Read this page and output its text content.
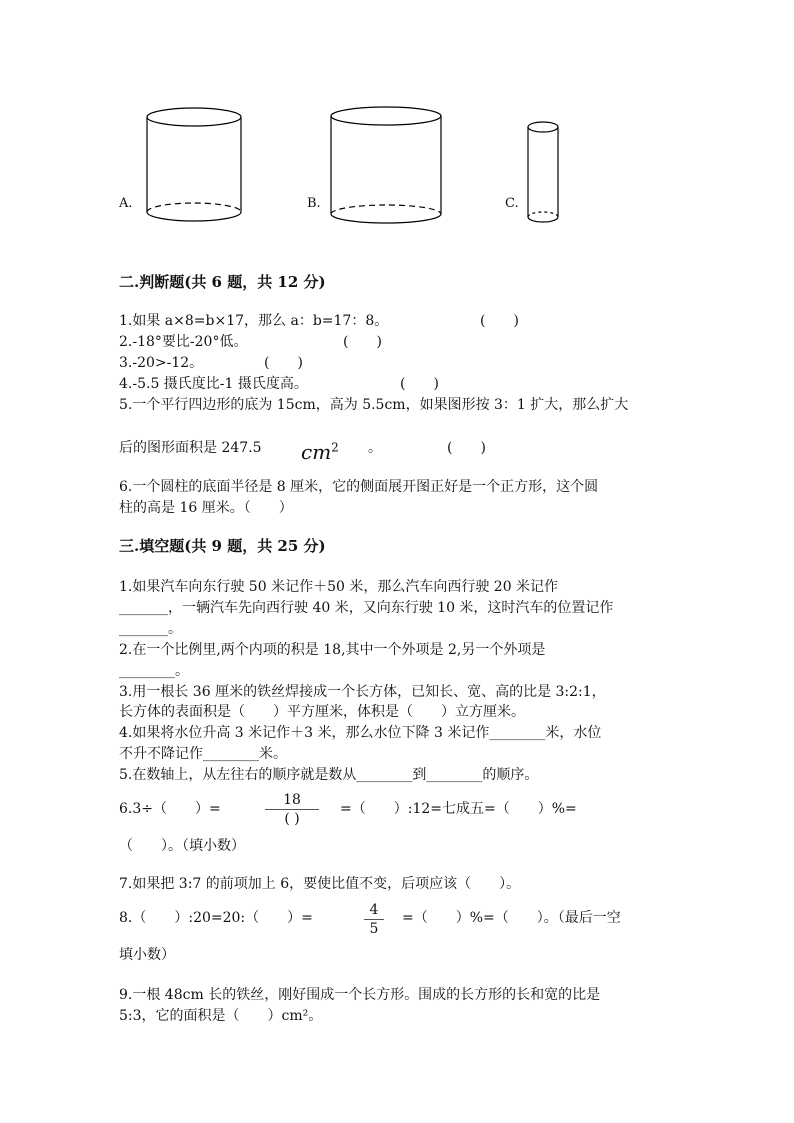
A.	B.	C.
二.判断题(共 6 题，共 12 分)
1.如果 a×8=b×17，那么 a：b=17：8。	(　　)
2.-18°要比-20°低。	(　　)
3.-20>-12。	(　　)
4.-5.5 摄氏度比-1 摄氏度高。	(　　)
5.一个平行四边形的底为 15cm，高为 5.5cm，如果图形按 3：1 扩大，那么扩大
后的图形面积是 247.5 $cm^2$ 。	(　　)
6.一个圆柱的底面半径是 8 厘米，它的侧面展开图正好是一个正方形，这个圆
柱的高是 16 厘米。（　　）
三.填空题(共 9 题，共 25 分)
1.如果汽车向东行驶 50 米记作＋50 米，那么汽车向西行驶 20 米记作
_______，一辆汽车先向西行驶 40 米，又向东行驶 10 米，这时汽车的位置记作
_______。
2.在一个比例里,两个内项的积是 18,其中一个外项是 2,另一个外项是
________。
3.用一根长 36 厘米的铁丝焊接成一个长方体，已知长、宽、高的比是 3:2:1，
长方体的表面积是（　　）平方厘米，体积是（　　）立方厘米。
4.如果将水位升高 3 米记作＋3 米，那么水位下降 3 米记作________米，水位
不升不降记作________米。
5.在数轴上，从左往右的顺序就是数从________到________的顺序。
6.3÷（　　）=
18
( )
=（　　）:12=七成五=（　　）%=
（　　）。（填小数）
7.如果把 3:7 的前项加上 6，要使比值不变，后项应该（　　）。
8.（　　）:20=20:（　　）=	4
5
=（　　）%=（　　）。（最后一空
填小数）
9.一根 48cm 长的铁丝，刚好围成一个长方形。围成的长方形的长和宽的比是
5:3，它的面积是（　　）cm²。
